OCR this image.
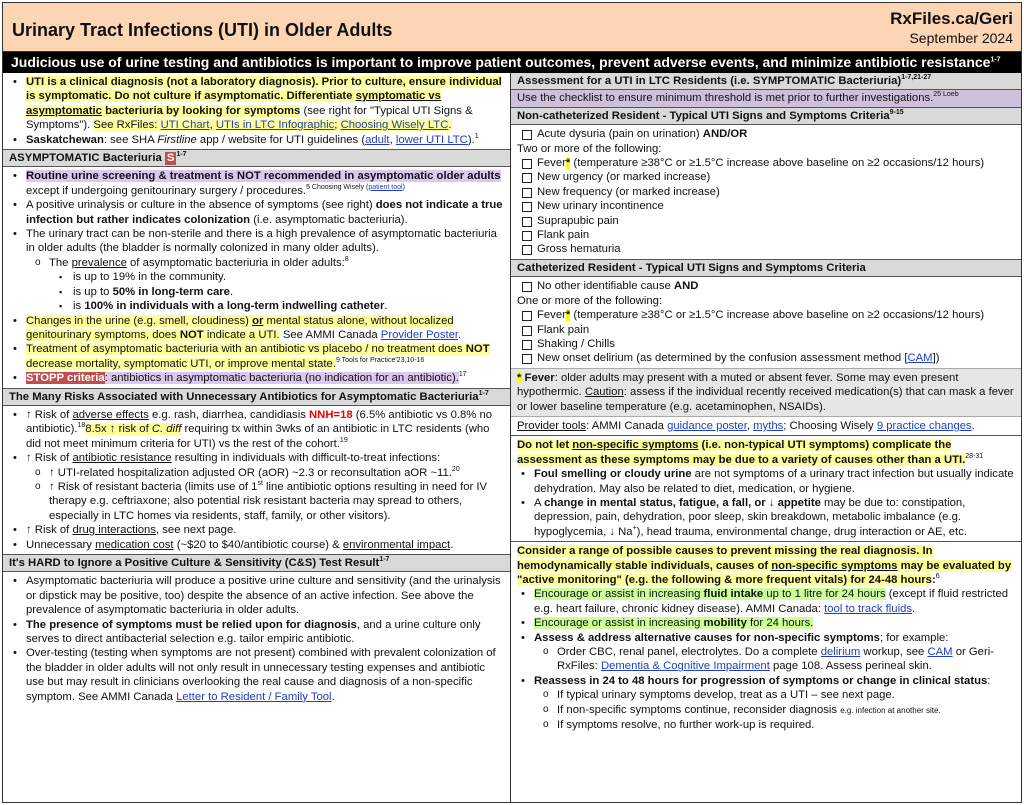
Urinary Tract Infections (UTI) in Older Adults
RxFiles.ca/Geri
September 2024
Judicious use of urine testing and antibiotics is important to improve patient outcomes, prevent adverse events, and minimize antibiotic resistance$^{1-7}$
• UTI is a clinical diagnosis (not a laboratory diagnosis). Prior to culture, ensure individual is symptomatic. Do not culture if asymptomatic. Differentiate symptomatic vs asymptomatic bacteriuria by looking for symptoms (see right for "Typical UTI Signs & Symptoms"). See RxFiles: UTI Chart, UTIs in LTC Infographic; Choosing Wisely LTC.
• Saskatchewan: see SHA Firstline app / website for UTI guidelines (adult, lower UTI LTC).$^1$
ASYMPTOMATIC Bacteriuria S $^{1-7}$
• Routine urine screening & treatment is NOT recommended in asymptomatic older adults except if undergoing genitourinary surgery / procedures.$^{5 Choosing Wisely (patient tool)}$
• A positive urinalysis or culture in the absence of symptoms (see right) does not indicate a true infection but rather indicates colonization (i.e. asymptomatic bacteriuria).
• The urinary tract can be non-sterile and there is a high prevalence of asymptomatic bacteriuria in older adults (the bladder is normally colonized in many older adults).
o The prevalence of asymptomatic bacteriuria in older adults:$^8$
▪ is up to 19% in the community.
▪ is up to 50% in long-term care.
▪ is 100% in individuals with a long-term indwelling catheter.
• Changes in the urine (e.g. smell, cloudiness) or mental status alone, without localized genitourinary symptoms, does NOT indicate a UTI. See AMMI Canada Provider Poster.
• Treatment of asymptomatic bacteriuria with an antibiotic vs placebo / no treatment does NOT decrease mortality, symptomatic UTI, or improve mental state.$^{9 Tools for Practice'23,10-16}$
• STOPP criteria: antibiotics in asymptomatic bacteriuria (no indication for an antibiotic).$^{17}$
The Many Risks Associated with Unnecessary Antibiotics for Asymptomatic Bacteriuria$^{1-7}$
• ↑ Risk of adverse effects e.g. rash, diarrhea, candidiasis NNH=18 (6.5% antibiotic vs 0.8% no antibiotic).$^{18}$8.5x ↑ risk of C. diff requiring tx within 3wks of an antibiotic in LTC residents (who did not meet minimum criteria for UTI) vs the rest of the cohort.$^{19}$
• ↑ Risk of antibiotic resistance resulting in individuals with difficult-to-treat infections:
o ↑ UTI-related hospitalization adjusted OR (aOR) ~2.3 or reconsultation aOR ~11.20
o ↑ Risk of resistant bacteria (limits use of 1st line antibiotic options resulting in need for IV therapy e.g. ceftriaxone; also potential risk resistant bacteria may spread to others, especially in LTC homes via residents, staff, family, or other visitors).
• ↑ Risk of drug interactions, see next page.
• Unnecessary medication cost (~$20 to $40/antibiotic course) & environmental impact.
It's HARD to Ignore a Positive Culture & Sensitivity (C&S) Test Result$^{1-7}$
• Asymptomatic bacteriuria will produce a positive urine culture and sensitivity (and the urinalysis or dipstick may be positive, too) despite the absence of an active infection. See above the prevalence of asymptomatic bacteriuria in older adults.
• The presence of symptoms must be relied upon for diagnosis, and a urine culture only serves to direct antibacterial selection e.g. tailor empiric antibiotic.
• Over-testing (testing when symptoms are not present) combined with prevalent colonization of the bladder in older adults will not only result in unnecessary testing expenses and antibiotic use but may result in clinicians overlooking the real cause and diagnosis of a non-specific symptom. See AMMI Canada Letter to Resident / Family Tool.
Assessment for a UTI in LTC Residents (i.e. SYMPTOMATIC Bacteriuria)$^{1-7,21-27}$
Use the checklist to ensure minimum threshold is met prior to further investigations.$^{25 Loeb}$
Non-catheterized Resident - Typical UTI Signs and Symptoms Criteria$^{9-15}$
Acute dysuria (pain on urination) AND/OR
Two or more of the following:
Fever* (temperature ≥38°C or ≥1.5°C increase above baseline on ≥2 occasions/12 hours)
New urgency (or marked increase)
New frequency (or marked increase)
New urinary incontinence
Suprapubic pain
Flank pain
Gross hematuria
Catheterized Resident - Typical UTI Signs and Symptoms Criteria
No other identifiable cause AND
One or more of the following:
Fever* (temperature ≥38°C or ≥1.5°C increase above baseline on ≥2 occasions/12 hours)
Flank pain
Shaking / Chills
New onset delirium (as determined by the confusion assessment method [CAM])
* Fever: older adults may present with a muted or absent fever. Some may even present hypothermic. Caution: assess if the individual recently received medication(s) that can mask a fever or lower baseline temperature (e.g. acetaminophen, NSAIDs).
Provider tools: AMMI Canada guidance poster, myths; Choosing Wisely 9 practice changes.
Do not let non-specific symptoms (i.e. non-typical UTI symptoms) complicate the assessment as these symptoms may be due to a variety of causes other than a UTI.$^{28-31}$
• Foul smelling or cloudy urine are not symptoms of a urinary tract infection but usually indicate dehydration. May also be related to diet, medication, or hygiene.
• A change in mental status, fatigue, a fall, or ↓ appetite may be due to: constipation, depression, pain, dehydration, poor sleep, skin breakdown, metabolic imbalance (e.g. hypoglycemia, ↓ Na+), head trauma, environmental change, drug interaction or AE, etc.
Consider a range of possible causes to prevent missing the real diagnosis. In hemodynamically stable individuals, causes of non-specific symptoms may be evaluated by "active monitoring" (e.g. the following & more frequent vitals) for 24-48 hours:$^6$
• Encourage or assist in increasing fluid intake up to 1 litre for 24 hours (except if fluid restricted e.g. heart failure, chronic kidney disease). AMMI Canada: tool to track fluids.
• Encourage or assist in increasing mobility for 24 hours.
• Assess & address alternative causes for non-specific symptoms; for example:
o Order CBC, renal panel, electrolytes. Do a complete delirium workup, see CAM or Geri-RxFiles: Dementia & Cognitive Impairment page 108. Assess perineal skin.
• Reassess in 24 to 48 hours for progression of symptoms or change in clinical status:
o If typical urinary symptoms develop, treat as a UTI – see next page.
o If non-specific symptoms continue, reconsider diagnosis e.g. infection at another site.
o If symptoms resolve, no further work-up is required.
